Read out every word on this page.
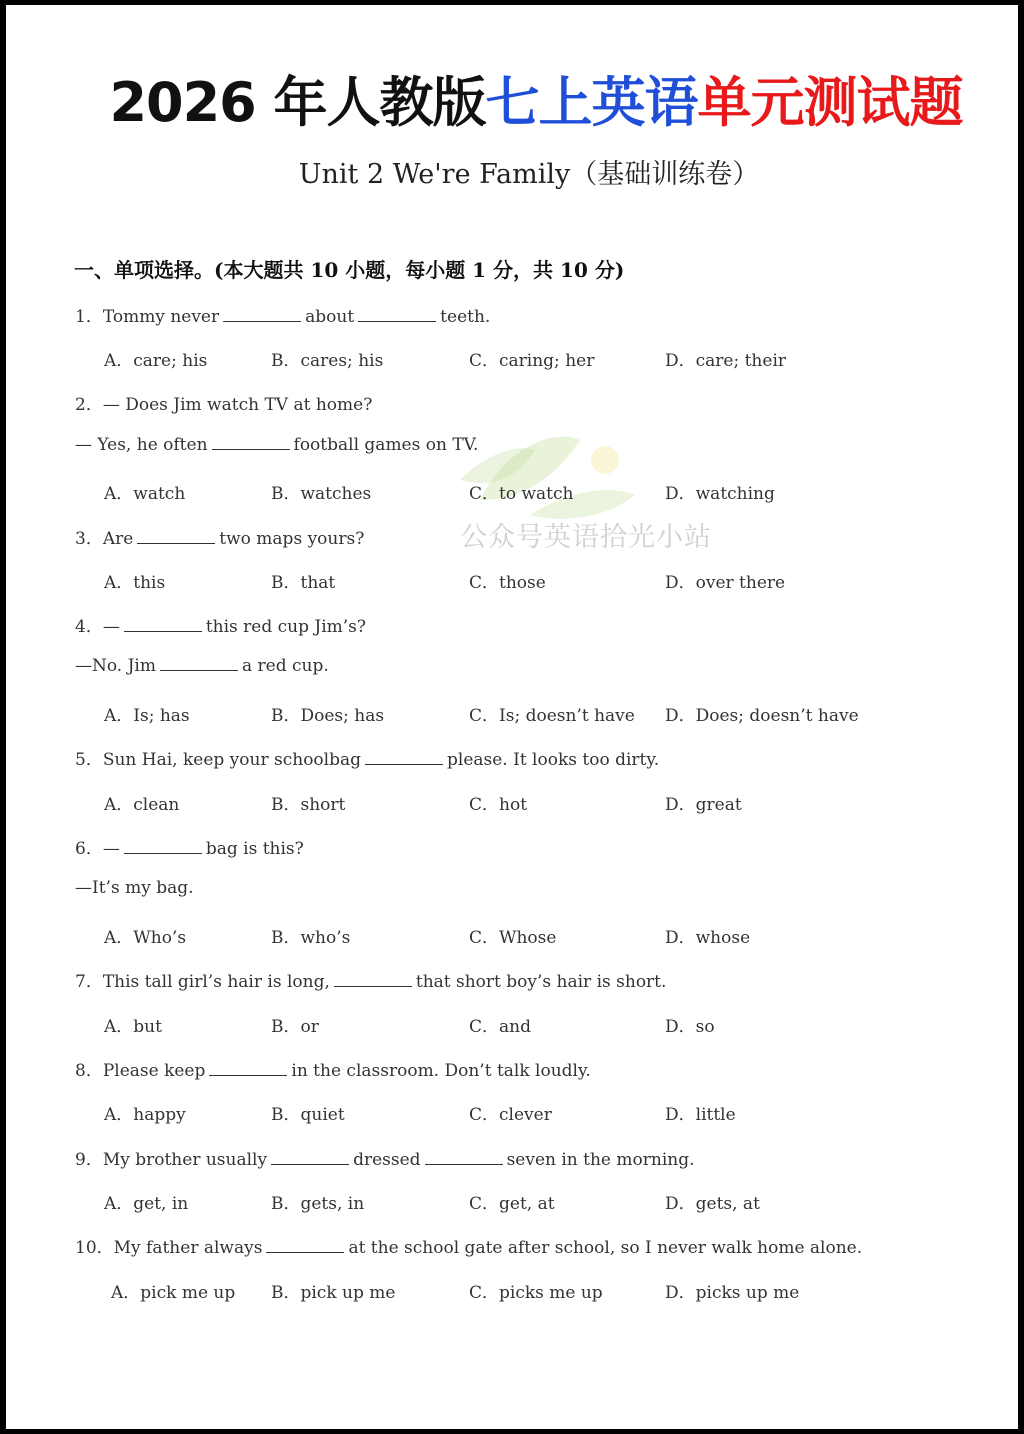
2026 年人教版七上英语单元测试题
Unit 2 We're Family（基础训练卷）
一、单项选择。(本大题共 10 小题，每小题 1 分，共 10 分)
公众号英语拾光小站
1．Tommy never	about	teeth.
A．care; his	B．cares; his	C．caring; her	D．care; their
2．— Does Jim watch TV at home?
— Yes, he often	football games on TV.
A．watch	B．watches	C．to watch	D．watching
3．Are	two maps yours?
A．this	B．that	C．those	D．over there
4．—	this red cup Jim’s?
—No. Jim	a red cup.
A．Is; has	B．Does; has	C．Is; doesn’t have D．Does; doesn’t have
5．Sun Hai, keep your schoolbag	please. It looks too dirty.
A．clean	B．short	C．hot	D．great
6．—	bag is this?
—It’s my bag.
A．Who’s	B．who’s	C．Whose	D．whose
7．This tall girl’s hair is long,	that short boy’s hair is short.
A．but	B．or	C．and	D．so
8．Please keep	in the classroom. Don’t talk loudly.
A．happy	B．quiet	C．clever	D．little
9．My brother usually	dressed	seven in the morning.
A．get, in	B．gets, in	C．get, at	D．gets, at
10．My father always	at the school gate after school, so I never walk home alone.
A．pick me up B．pick up me	C．picks me up	D．picks up me
